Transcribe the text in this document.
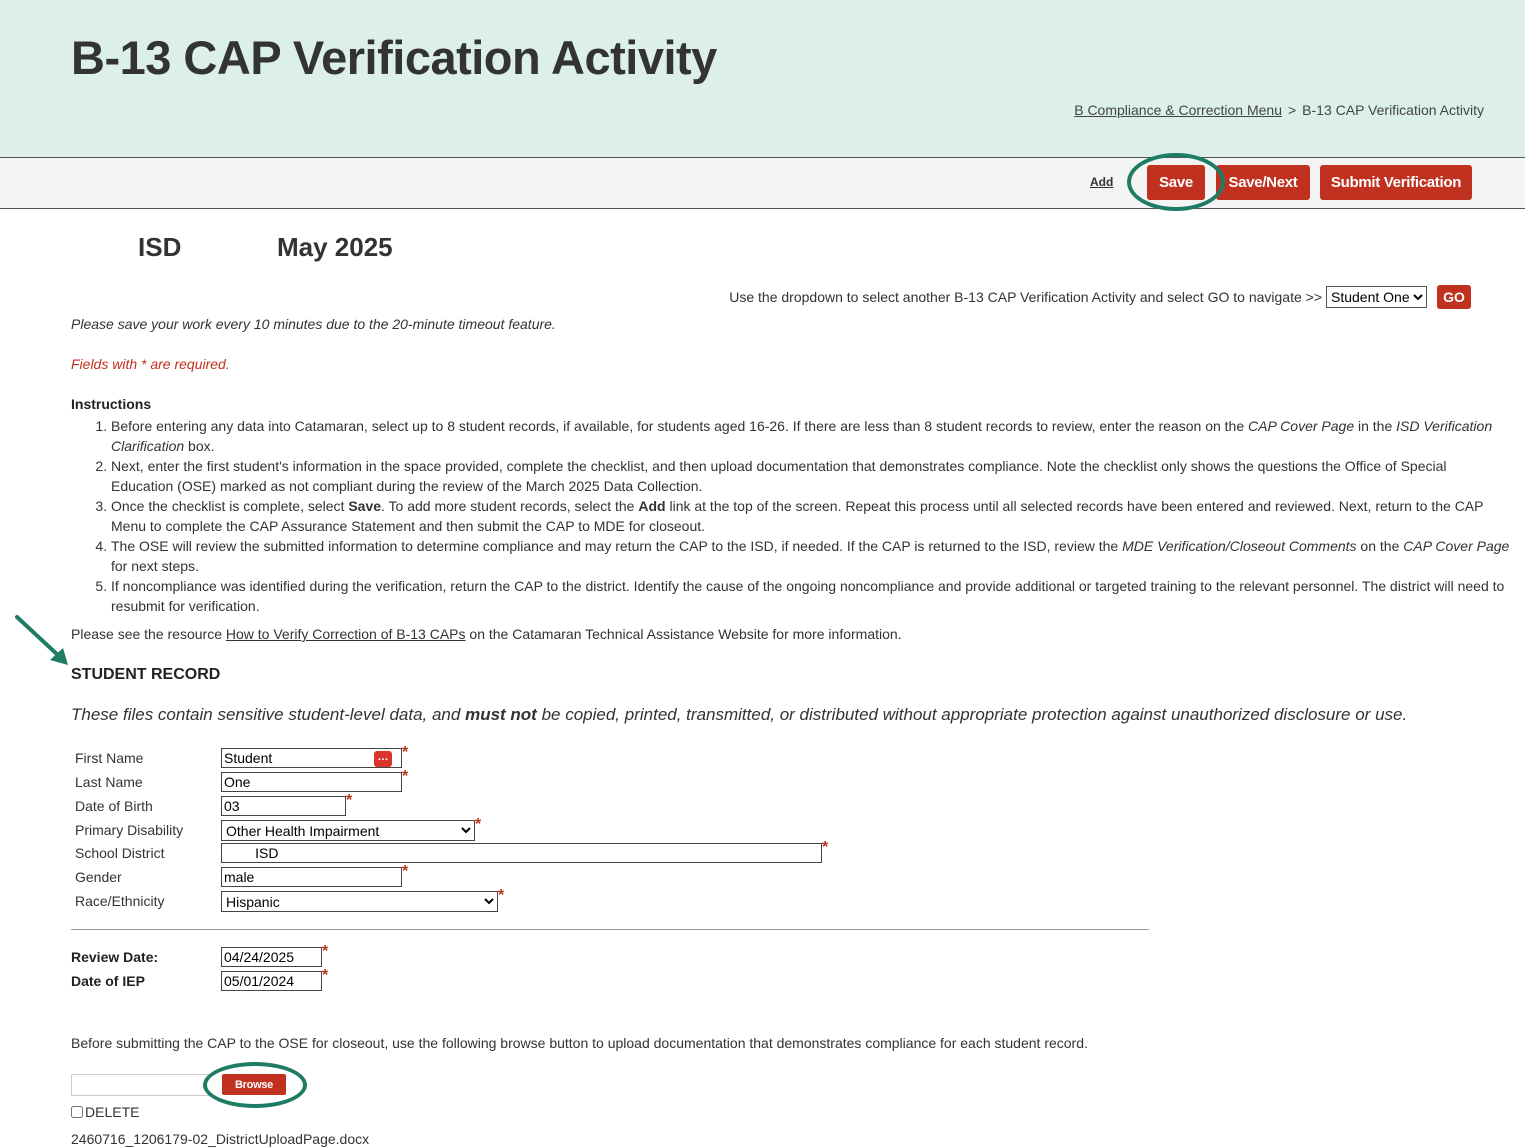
B-13 CAP Verification Activity
B Compliance & Correction Menu > B-13 CAP Verification Activity
Add	Save	Save/Next	Submit Verification
ISD	May 2025
Use the dropdown to select another B-13 CAP Verification Activity and select GO to navigate >>
Student One	GO
Please save your work every 10 minutes due to the 20-minute timeout feature.
Fields with * are required.
Instructions
1. Before entering any data into Catamaran, select up to 8 student records, if available, for students aged 16-26. If there are less than 8 student records to review, enter the reason on the CAP Cover Page in the ISD Verification Clarification box.
2. Next, enter the first student's information in the space provided, complete the checklist, and then upload documentation that demonstrates compliance. Note the checklist only shows the questions the Office of Special Education (OSE) marked as not compliant during the review of the March 2025 Data Collection.
3. Once the checklist is complete, select Save. To add more student records, select the Add link at the top of the screen. Repeat this process until all selected records have been entered and reviewed. Next, return to the CAP Menu to complete the CAP Assurance Statement and then submit the CAP to MDE for closeout.
4. The OSE will review the submitted information to determine compliance and may return the CAP to the ISD, if needed. If the CAP is returned to the ISD, review the MDE Verification/Closeout Comments on the CAP Cover Page for next steps.
5. If noncompliance was identified during the verification, return the CAP to the district. Identify the cause of the ongoing noncompliance and provide additional or targeted training to the relevant personnel. The district will need to resubmit for verification.
Please see the resource How to Verify Correction of B-13 CAPs on the Catamaran Technical Assistance Website for more information.
STUDENT RECORD
These files contain sensitive student-level data, and must not be copied, printed, transmitted, or distributed without appropriate protection against unauthorized disclosure or use.
First Name
Student	… *
Last Name
One	*
Date of Birth
03	*
Primary Disability
Other Health Impairment	*
School District
ISD	*
Gender
male	*
Race/Ethnicity
Hispanic	*
Review Date:
04/24/2025	*
Date of IEP
05/01/2024	*
Before submitting the CAP to the OSE for closeout, use the following browse button to upload documentation that demonstrates compliance for each student record.
Browse
DELETE
2460716_1206179-02_DistrictUploadPage.docx
